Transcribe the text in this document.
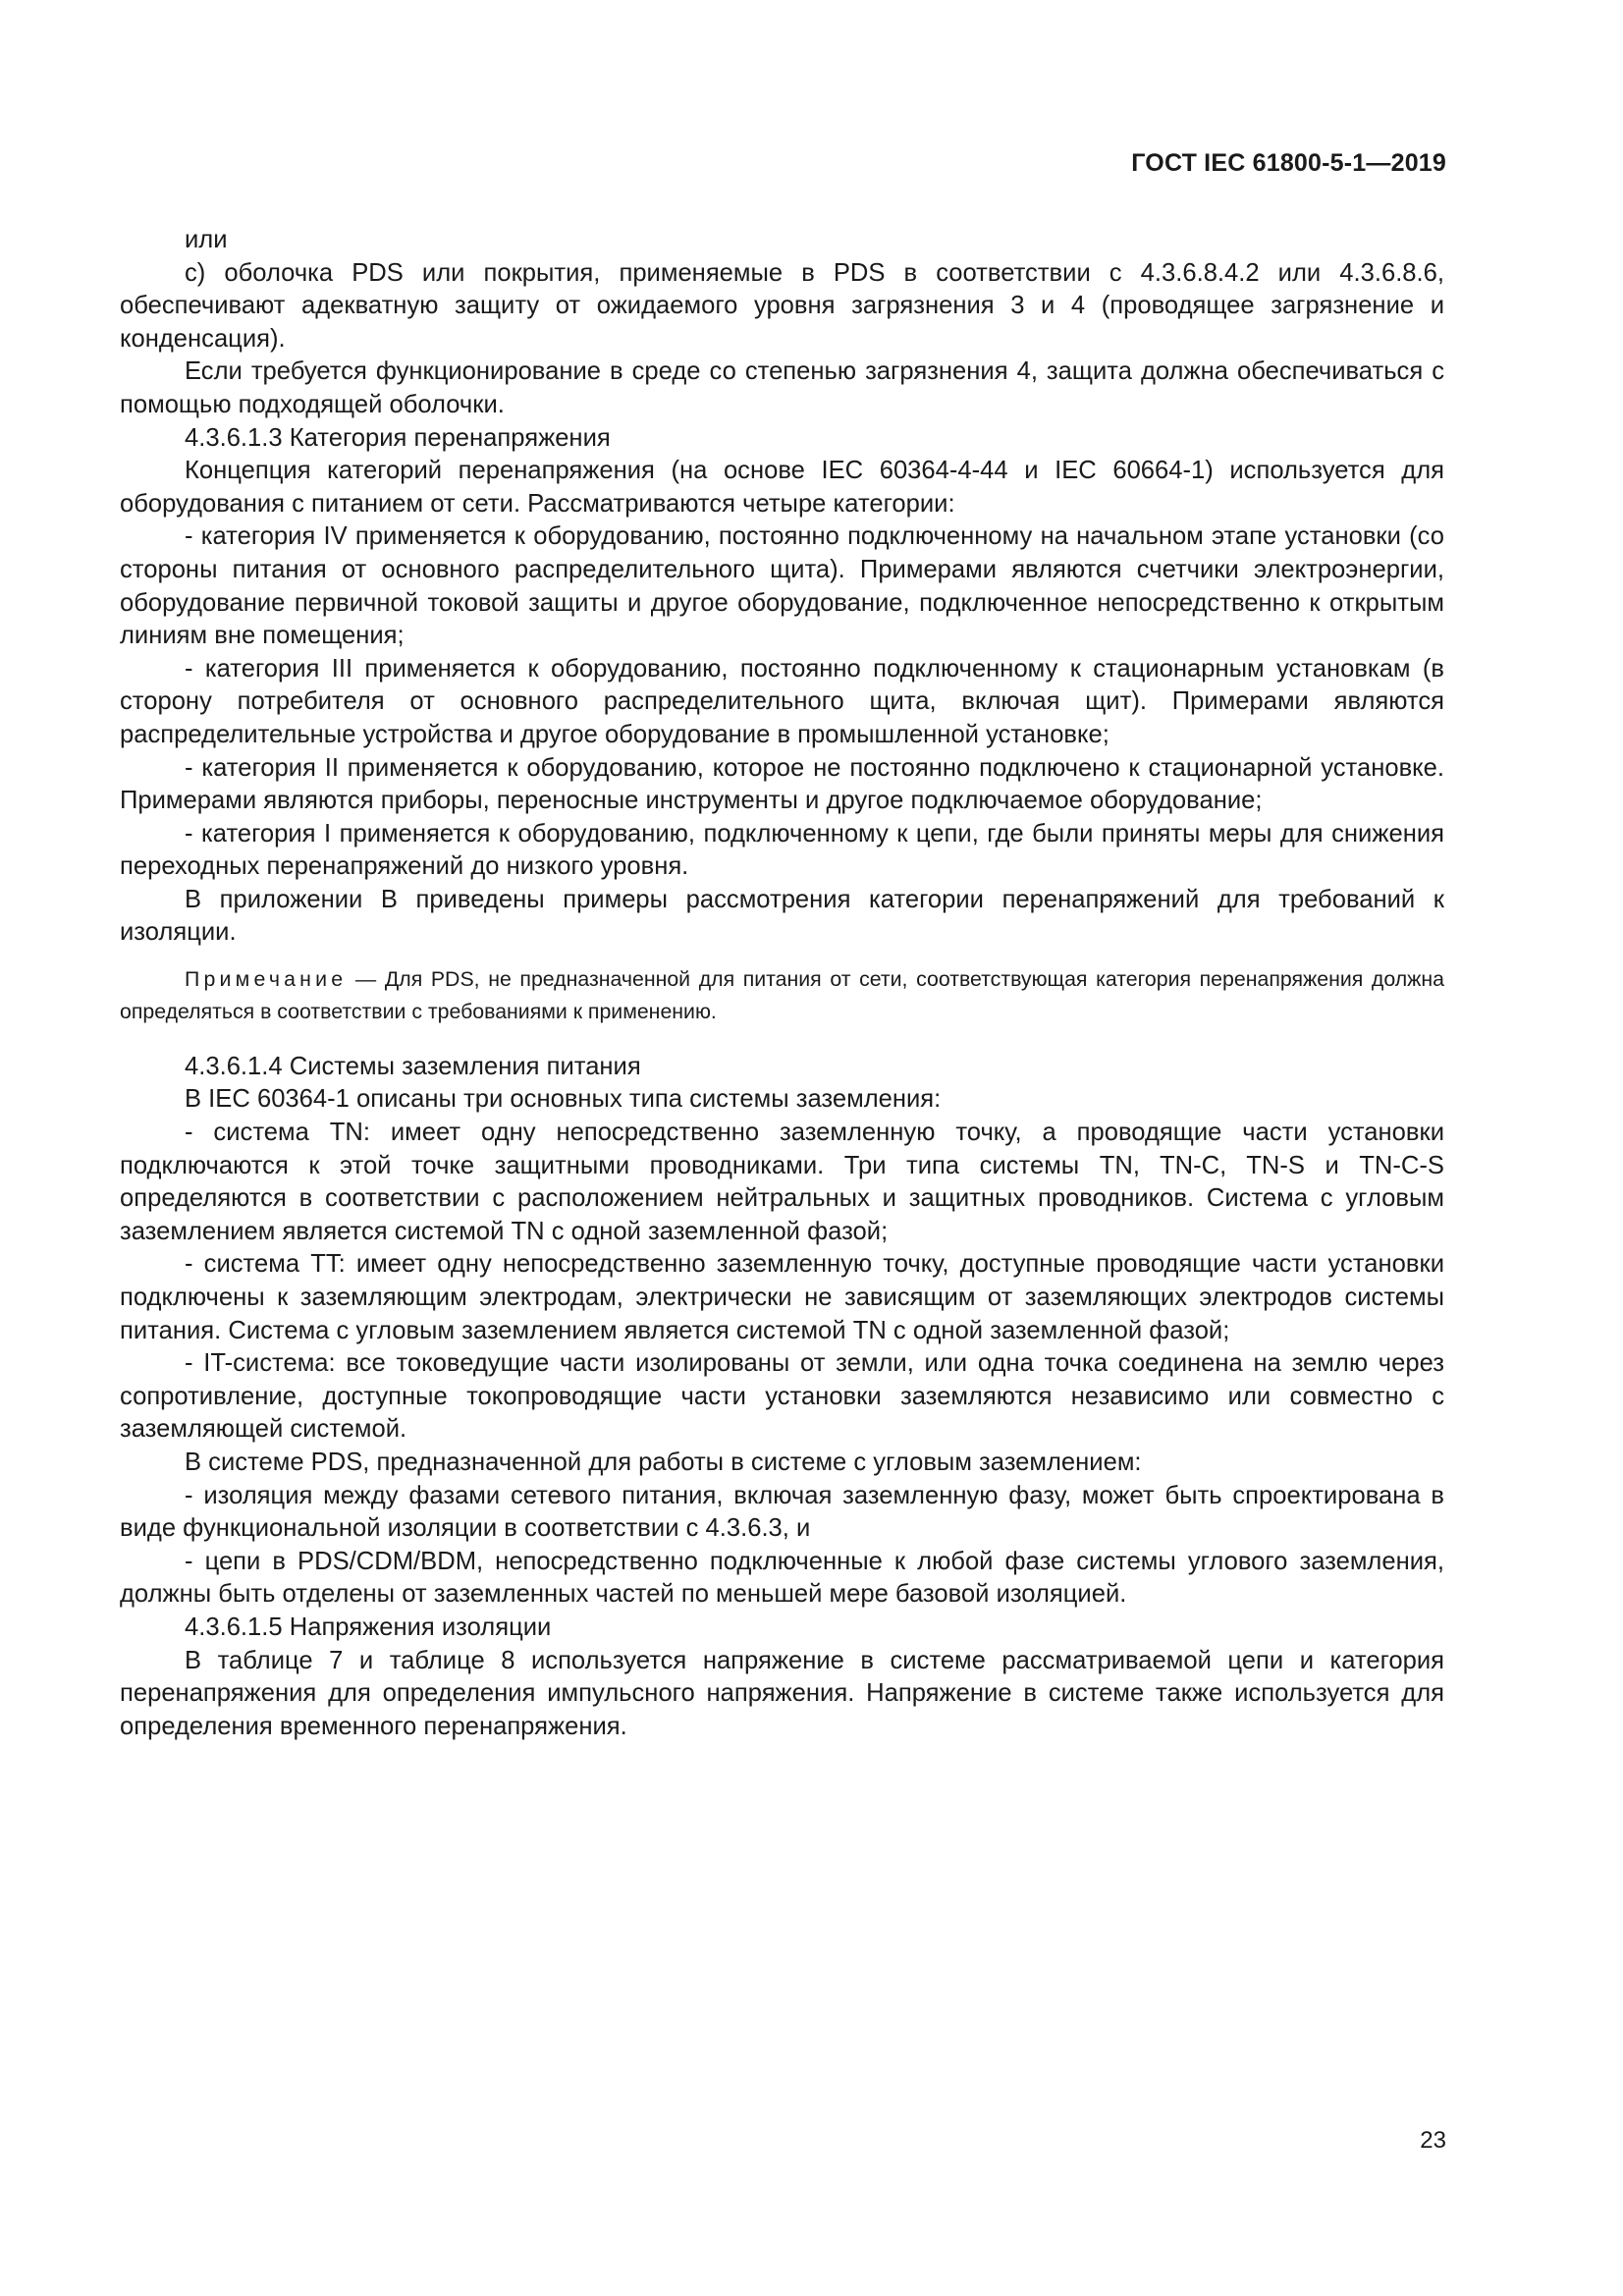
ГОСТ IEC 61800-5-1—2019

или

с) оболочка PDS или покрытия, применяемые в PDS в соответствии с 4.3.6.8.4.2 или 4.3.6.8.6, обеспечивают адекватную защиту от ожидаемого уровня загрязнения 3 и 4 (проводящее загрязнение и конденсация).

Если требуется функционирование в среде со степенью загрязнения 4, защита должна обеспечиваться с помощью подходящей оболочки.

4.3.6.1.3 Категория перенапряжения

Концепция категорий перенапряжения (на основе IEC 60364-4-44 и IEC 60664-1) используется для оборудования с питанием от сети. Рассматриваются четыре категории:

- категория IV применяется к оборудованию, постоянно подключенному на начальном этапе установки (со стороны питания от основного распределительного щита). Примерами являются счетчики электроэнергии, оборудование первичной токовой защиты и другое оборудование, подключенное непосредственно к открытым линиям вне помещения;

- категория III применяется к оборудованию, постоянно подключенному к стационарным установкам (в сторону потребителя от основного распределительного щита, включая щит). Примерами являются распределительные устройства и другое оборудование в промышленной установке;

- категория II применяется к оборудованию, которое не постоянно подключено к стационарной установке. Примерами являются приборы, переносные инструменты и другое подключаемое оборудование;

- категория I применяется к оборудованию, подключенному к цепи, где были приняты меры для снижения переходных перенапряжений до низкого уровня.

В приложении В приведены примеры рассмотрения категории перенапряжений для требований к изоляции.

Примечание — Для PDS, не предназначенной для питания от сети, соответствующая категория перенапряжения должна определяться в соответствии с требованиями к применению.

4.3.6.1.4 Системы заземления питания

В IEC 60364-1 описаны три основных типа системы заземления:

- система TN: имеет одну непосредственно заземленную точку, а проводящие части установки подключаются к этой точке защитными проводниками. Три типа системы TN, TN-C, TN-S и TN-C-S определяются в соответствии с расположением нейтральных и защитных проводников. Система с угловым заземлением является системой TN с одной заземленной фазой;

- система TT: имеет одну непосредственно заземленную точку, доступные проводящие части установки подключены к заземляющим электродам, электрически не зависящим от заземляющих электродов системы питания. Система с угловым заземлением является системой TN с одной заземленной фазой;

- IT-система: все токоведущие части изолированы от земли, или одна точка соединена на землю через сопротивление, доступные токопроводящие части установки заземляются независимо или совместно с заземляющей системой.

В системе PDS, предназначенной для работы в системе с угловым заземлением:

- изоляция между фазами сетевого питания, включая заземленную фазу, может быть спроектирована в виде функциональной изоляции в соответствии с 4.3.6.3, и

- цепи в PDS/CDM/BDM, непосредственно подключенные к любой фазе системы углового заземления, должны быть отделены от заземленных частей по меньшей мере базовой изоляцией.

4.3.6.1.5 Напряжения изоляции

В таблице 7 и таблице 8 используется напряжение в системе рассматриваемой цепи и категория перенапряжения для определения импульсного напряжения. Напряжение в системе также используется для определения временного перенапряжения.

23
